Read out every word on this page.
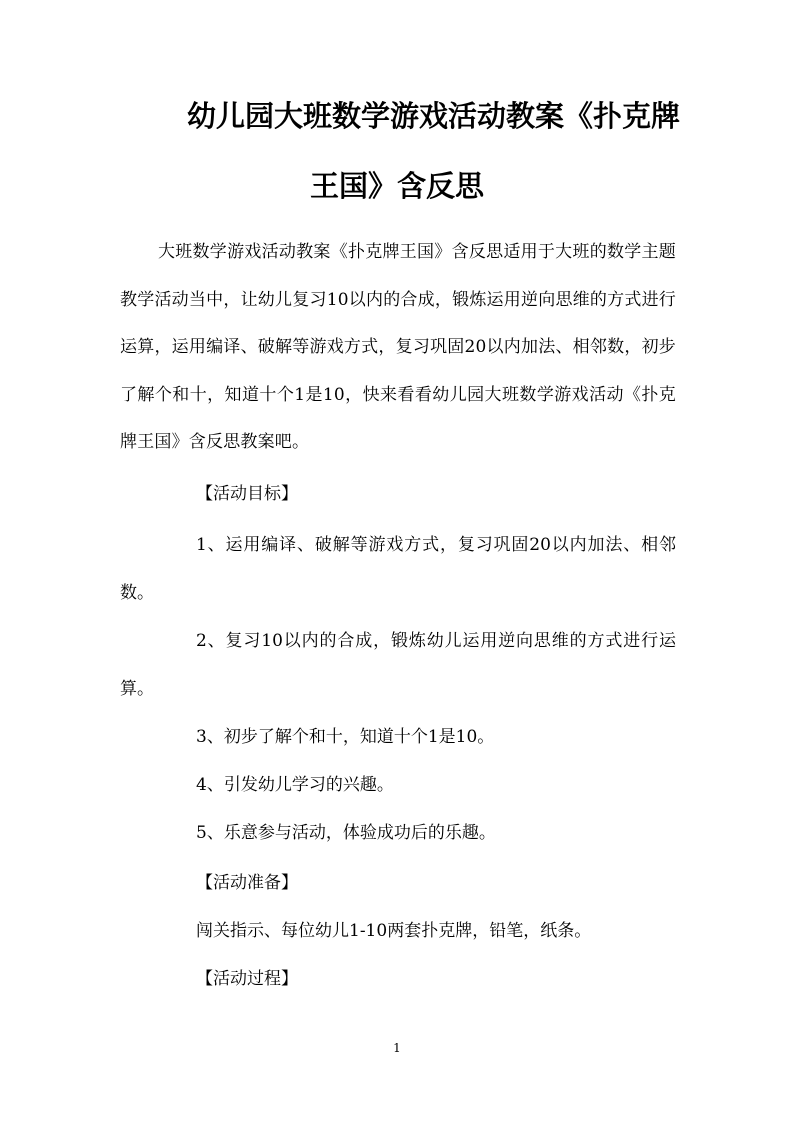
幼儿园大班数学游戏活动教案《扑克牌
王国》含反思
大班数学游戏活动教案《扑克牌王国》含反思适用于大班的数学主题教学活动当中，让幼儿复习10以内的合成，锻炼运用逆向思维的方式进行运算，运用编译、破解等游戏方式，复习巩固20以内加法、相邻数，初步了解个和十，知道十个1是10，快来看看幼儿园大班数学游戏活动《扑克牌王国》含反思教案吧。
【活动目标】
1、运用编译、破解等游戏方式，复习巩固20以内加法、相邻数。
2、复习10以内的合成，锻炼幼儿运用逆向思维的方式进行运算。
3、初步了解个和十，知道十个1是10。
4、引发幼儿学习的兴趣。
5、乐意参与活动，体验成功后的乐趣。
【活动准备】
闯关指示、每位幼儿1-10两套扑克牌，铅笔，纸条。
【活动过程】
1
